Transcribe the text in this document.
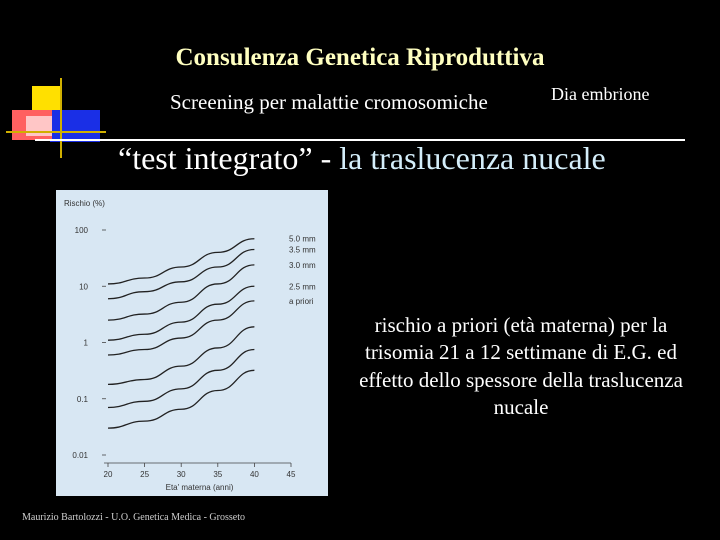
Consulenza Genetica Riproduttiva
Screening per malattie cromosomiche	Dia embrione
“test integrato” - la traslucenza nucale
Rischio (%)
0.01
0.1
1
10
100
20	25	30	35	40	45
Eta' materna (anni)
5.0 mm
3.5 mm
3.0 mm
2.5 mm
a priori
rischio a priori (età materna) per la trisomia 21 a 12 settimane di E.G. ed effetto dello spessore della traslucenza nucale
Maurizio Bartolozzi - U.O. Genetica Medica - Grosseto
